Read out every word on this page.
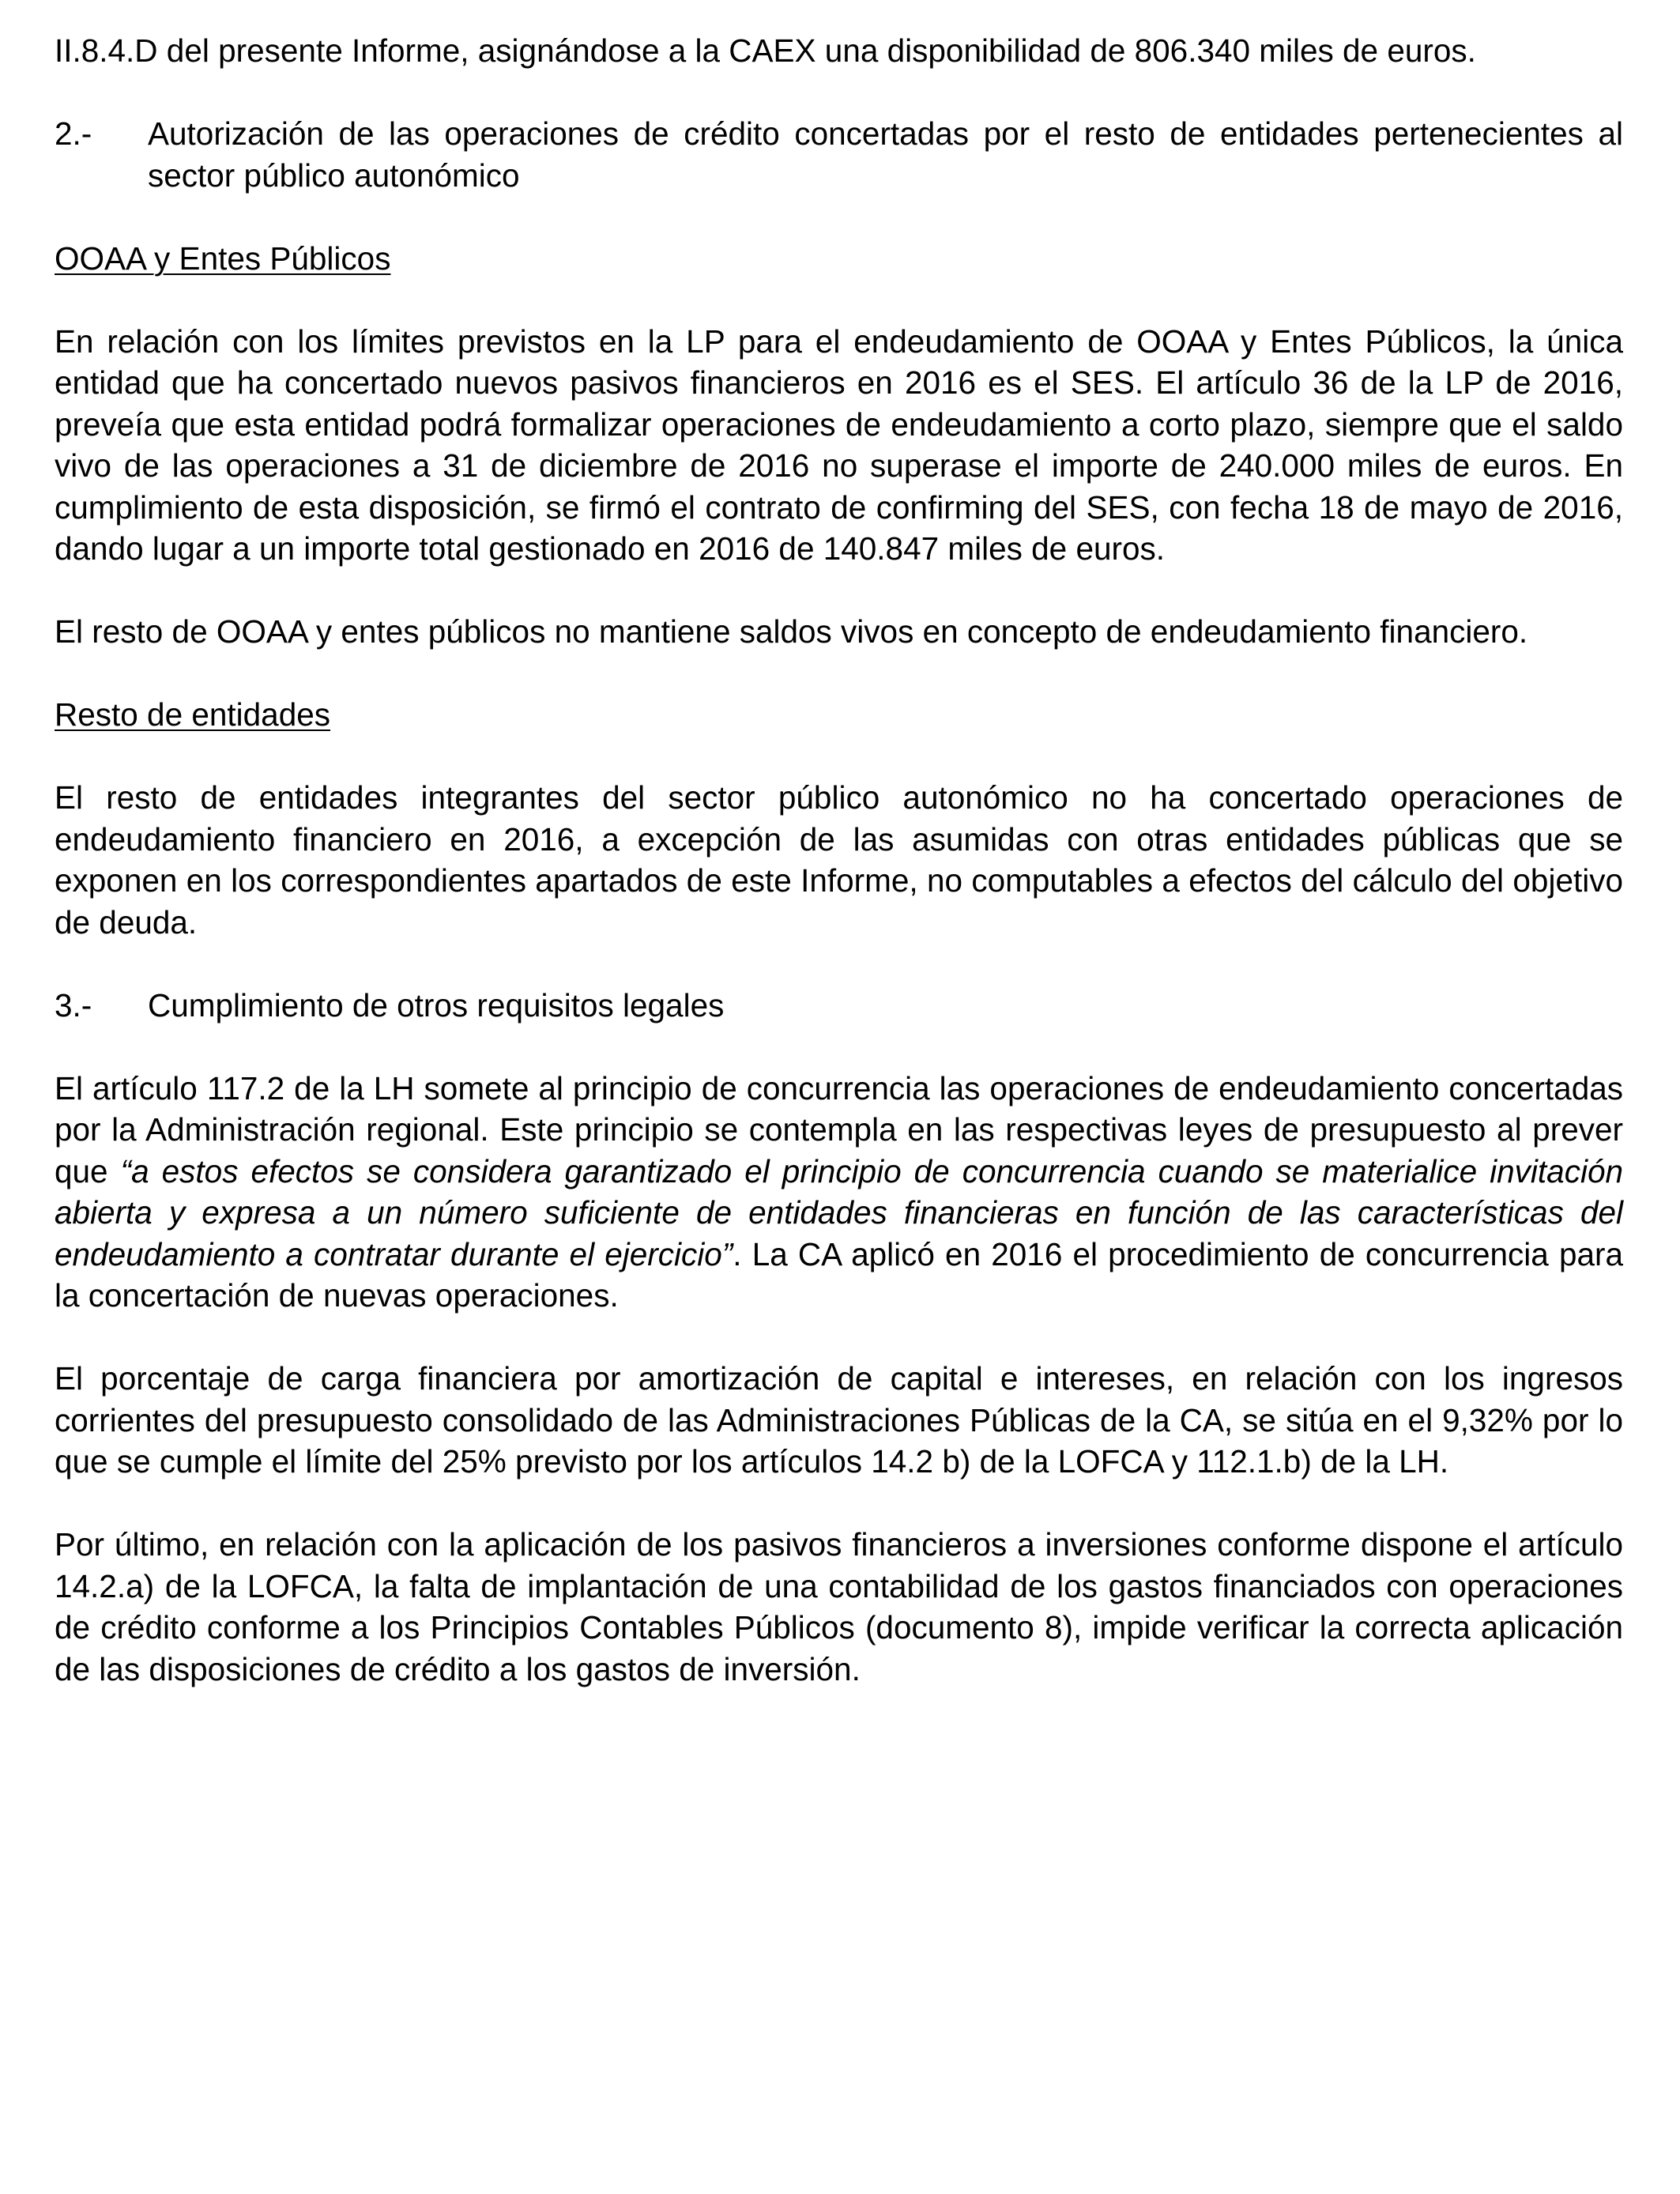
II.8.4.D del presente Informe, asignándose a la CAEX una disponibilidad de 806.340 miles de euros.

2.-	Autorización de las operaciones de crédito concertadas por el resto de entidades pertenecientes al sector público autonómico

OOAA y Entes Públicos

En relación con los límites previstos en la LP para el endeudamiento de OOAA y Entes Públicos, la única entidad que ha concertado nuevos pasivos financieros en 2016 es el SES. El artículo 36 de la LP de 2016, preveía que esta entidad podrá formalizar operaciones de endeudamiento a corto plazo, siempre que el saldo vivo de las operaciones a 31 de diciembre de 2016 no superase el importe de 240.000 miles de euros. En cumplimiento de esta disposición, se firmó el contrato de confirming del SES, con fecha 18 de mayo de 2016, dando lugar a un importe total gestionado en 2016 de 140.847 miles de euros.

El resto de OOAA y entes públicos no mantiene saldos vivos en concepto de endeudamiento financiero.

Resto de entidades

El resto de entidades integrantes del sector público autonómico no ha concertado operaciones de endeudamiento financiero en 2016, a excepción de las asumidas con otras entidades públicas que se exponen en los correspondientes apartados de este Informe, no computables a efectos del cálculo del objetivo de deuda.

3.-	Cumplimiento de otros requisitos legales

El artículo 117.2 de la LH somete al principio de concurrencia las operaciones de endeudamiento concertadas por la Administración regional. Este principio se contempla en las respectivas leyes de presupuesto al prever que “a estos efectos se considera garantizado el principio de concurrencia cuando se materialice invitación abierta y expresa a un número suficiente de entidades financieras en función de las características del endeudamiento a contratar durante el ejercicio”. La CA aplicó en 2016 el procedimiento de concurrencia para la concertación de nuevas operaciones.

El porcentaje de carga financiera por amortización de capital e intereses, en relación con los ingresos corrientes del presupuesto consolidado de las Administraciones Públicas de la CA, se sitúa en el 9,32% por lo que se cumple el límite del 25% previsto por los artículos 14.2 b) de la LOFCA y 112.1.b) de la LH.

Por último, en relación con la aplicación de los pasivos financieros a inversiones conforme dispone el artículo 14.2.a) de la LOFCA, la falta de implantación de una contabilidad de los gastos financiados con operaciones de crédito conforme a los Principios Contables Públicos (documento 8), impide verificar la correcta aplicación de las disposiciones de crédito a los gastos de inversión.
